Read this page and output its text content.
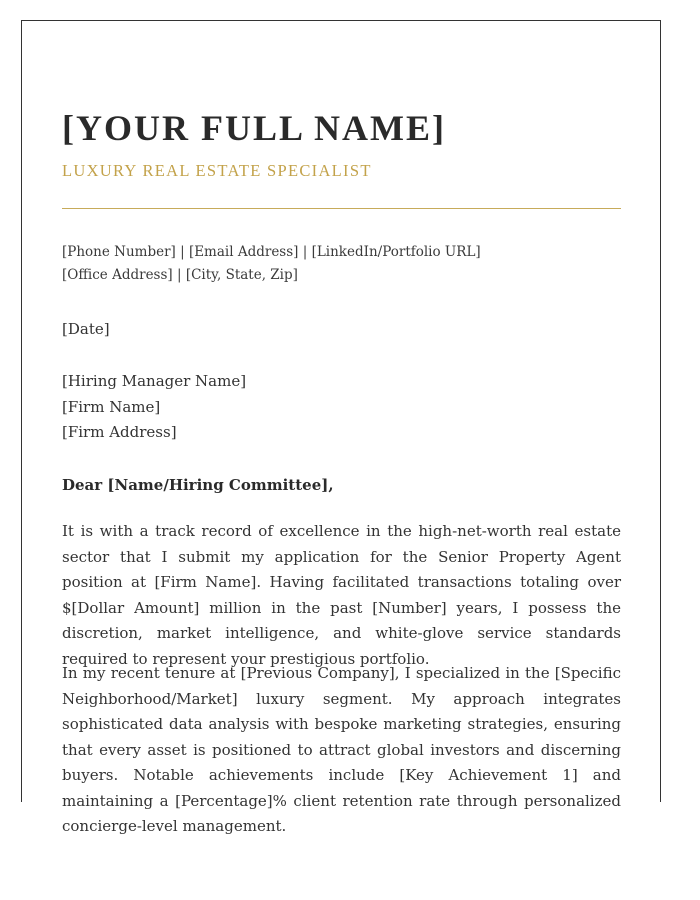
[YOUR FULL NAME]
LUXURY REAL ESTATE SPECIALIST
[Phone Number] | [Email Address] | [LinkedIn/Portfolio URL]
[Office Address] | [City, State, Zip]
[Date]
[Hiring Manager Name]
[Firm Name]
[Firm Address]
Dear [Name/Hiring Committee],

It is with a track record of excellence in the high-net-worth real estate sector that I submit my application for the Senior Property Agent position at [Firm Name]. Having facilitated transactions totaling over $[Dollar Amount] million in the past [Number] years, I possess the discretion, market intelligence, and white-glove service standards required to represent your prestigious portfolio.

In my recent tenure at [Previous Company], I specialized in the [Specific Neighborhood/Market] luxury segment. My approach integrates sophisticated data analysis with bespoke marketing strategies, ensuring that every asset is positioned to attract global investors and discerning buyers. Notable achievements include [Key Achievement 1] and maintaining a [Percentage]% client retention rate through personalized concierge-level management.
